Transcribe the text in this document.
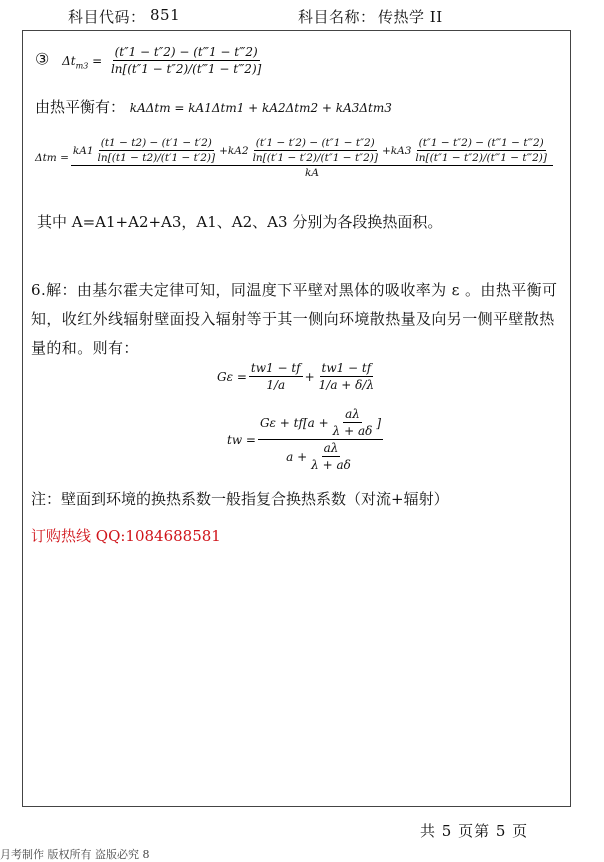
科目代码： 851	科目名称： 传热学 II
③ $\Delta t_{m3} = \frac{(t''1 - t''2) - (t‴1 - t‴2)}{\ln[(t''1 - t''2)/(t‴1 - t‴2)]}$
由热平衡有： kAΔtm = kA1Δtm1 + kA2Δtm2 + kA3Δtm3
Δtm =
$kA1 \frac{(t1 - t2) - (t'1 - t'2)}{\ln[(t1 - t2)/(t'1 - t'2)]} + kA2 \frac{(t'1 - t'2) - (t''1 - t''2)}{\ln[(t'1 - t'2)/(t''1 - t''2)]} + kA3 \frac{(t''1 - t''2) - (t‴1 - t‴2)}{\ln[(t''1 - t''2)/(t‴1 - t‴2)]}$
kA
其中 A=A1+A2+A3，A1、A2、A3 分别为各段换热面积。
6.解：由基尔霍夫定律可知，同温度下平壁对黑体的吸收率为 ε 。由热平衡可知，收红外线辐射壁面投入辐射等于其一侧向环境散热量及向另一侧平壁散热量的和。则有：
$G\varepsilon = \frac{tw1 - tf}{1/a} + \frac{tw1 - tf}{1/a + \delta/\lambda}$
tw =
$G\varepsilon + tf[a + \frac{a\lambda}{\lambda + a\delta}$ ]
$a + \frac{a\lambda}{\lambda + a\delta}$
注：壁面到环境的换热系数一般指复合换热系数（对流+辐射）
订购热线 QQ:1084688581
共 5 页第 5 页
月考制作 版权所有 盗版必究 8
